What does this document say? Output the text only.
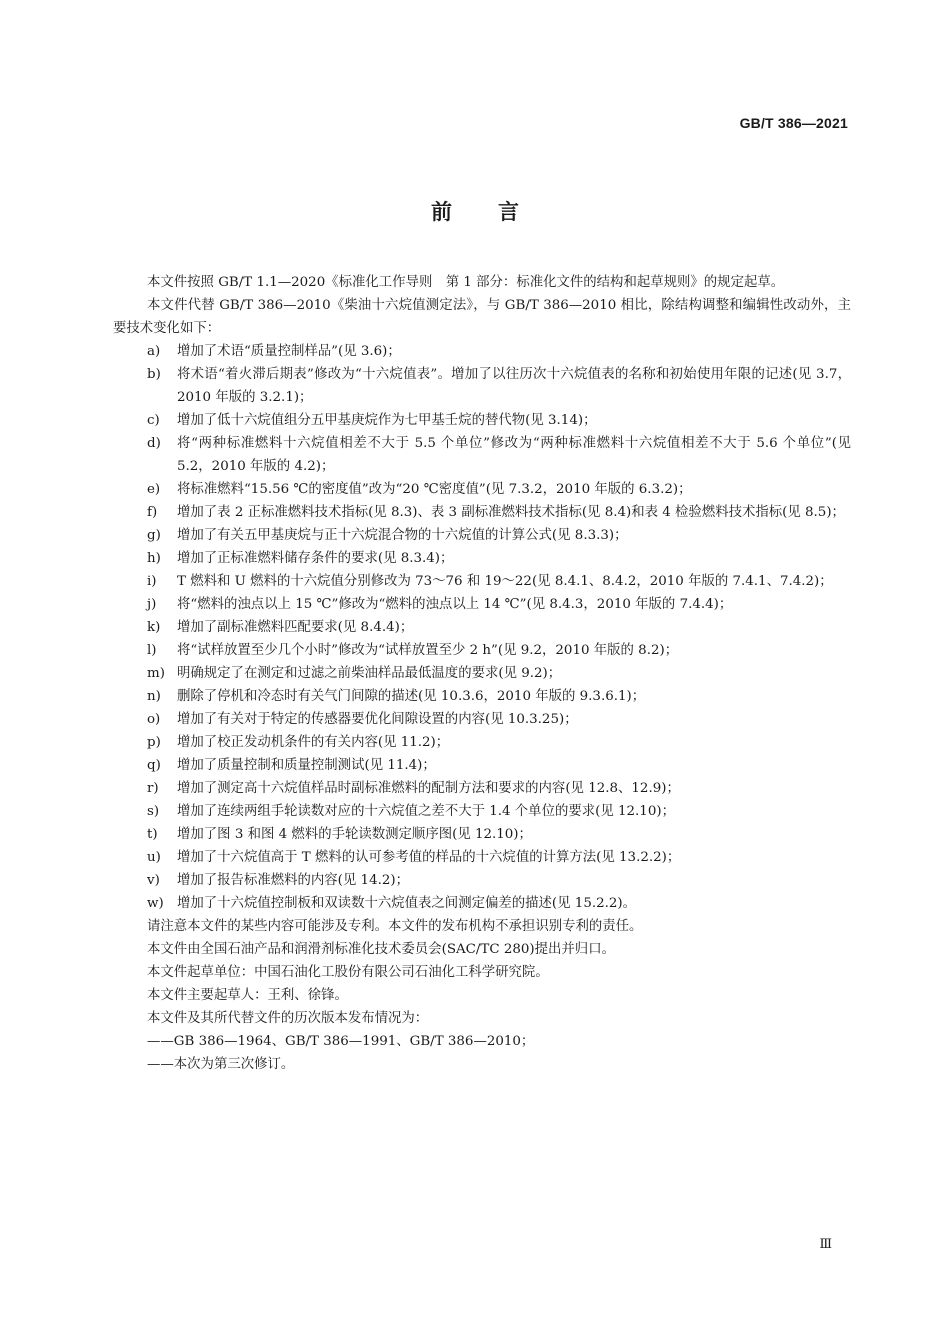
GB/T 386—2021
前言

本文件按照 GB/T 1.1—2020《标准化工作导则　第 1 部分：标准化文件的结构和起草规则》的规定起草。

本文件代替 GB/T 386—2010《柴油十六烷值测定法》，与 GB/T 386—2010 相比，除结构调整和编辑性改动外，主要技术变化如下：

a) 增加了术语“质量控制样品”(见 3.6)；
b) 将术语“着火滞后期表”修改为“十六烷值表”。增加了以往历次十六烷值表的名称和初始使用年限的记述(见 3.7，2010 年版的 3.2.1)；
c) 增加了低十六烷值组分五甲基庚烷作为七甲基壬烷的替代物(见 3.14)；
d) 将“两种标准燃料十六烷值相差不大于 5.5 个单位”修改为“两种标准燃料十六烷值相差不大于 5.6 个单位”(见 5.2，2010 年版的 4.2)；
e) 将标准燃料“15.56 ℃的密度值”改为“20 ℃密度值”(见 7.3.2，2010 年版的 6.3.2)；
f) 增加了表 2 正标准燃料技术指标(见 8.3)、表 3 副标准燃料技术指标(见 8.4)和表 4 检验燃料技术指标(见 8.5)；
g) 增加了有关五甲基庚烷与正十六烷混合物的十六烷值的计算公式(见 8.3.3)；
h) 增加了正标准燃料储存条件的要求(见 8.3.4)；
i) T 燃料和 U 燃料的十六烷值分别修改为 73～76 和 19～22(见 8.4.1、8.4.2，2010 年版的 7.4.1、7.4.2)；
j) 将“燃料的浊点以上 15 ℃”修改为“燃料的浊点以上 14 ℃”(见 8.4.3，2010 年版的 7.4.4)；
k) 增加了副标准燃料匹配要求(见 8.4.4)；
l) 将“试样放置至少几个小时”修改为“试样放置至少 2 h”(见 9.2，2010 年版的 8.2)；
m) 明确规定了在测定和过滤之前柴油样品最低温度的要求(见 9.2)；
n) 删除了停机和冷态时有关气门间隙的描述(见 10.3.6，2010 年版的 9.3.6.1)；
o) 增加了有关对于特定的传感器要优化间隙设置的内容(见 10.3.25)；
p) 增加了校正发动机条件的有关内容(见 11.2)；
q) 增加了质量控制和质量控制测试(见 11.4)；
r) 增加了测定高十六烷值样品时副标准燃料的配制方法和要求的内容(见 12.8、12.9)；
s) 增加了连续两组手轮读数对应的十六烷值之差不大于 1.4 个单位的要求(见 12.10)；
t) 增加了图 3 和图 4 燃料的手轮读数测定顺序图(见 12.10)；
u) 增加了十六烷值高于 T 燃料的认可参考值的样品的十六烷值的计算方法(见 13.2.2)；
v) 增加了报告标准燃料的内容(见 14.2)；
w) 增加了十六烷值控制板和双读数十六烷值表之间测定偏差的描述(见 15.2.2)。

请注意本文件的某些内容可能涉及专利。本文件的发布机构不承担识别专利的责任。

本文件由全国石油产品和润滑剂标准化技术委员会(SAC/TC 280)提出并归口。

本文件起草单位：中国石油化工股份有限公司石油化工科学研究院。

本文件主要起草人：王利、徐锋。

本文件及其所代替文件的历次版本发布情况为：

——GB 386—1964、GB/T 386—1991、GB/T 386—2010；

——本次为第三次修订。

Ⅲ
